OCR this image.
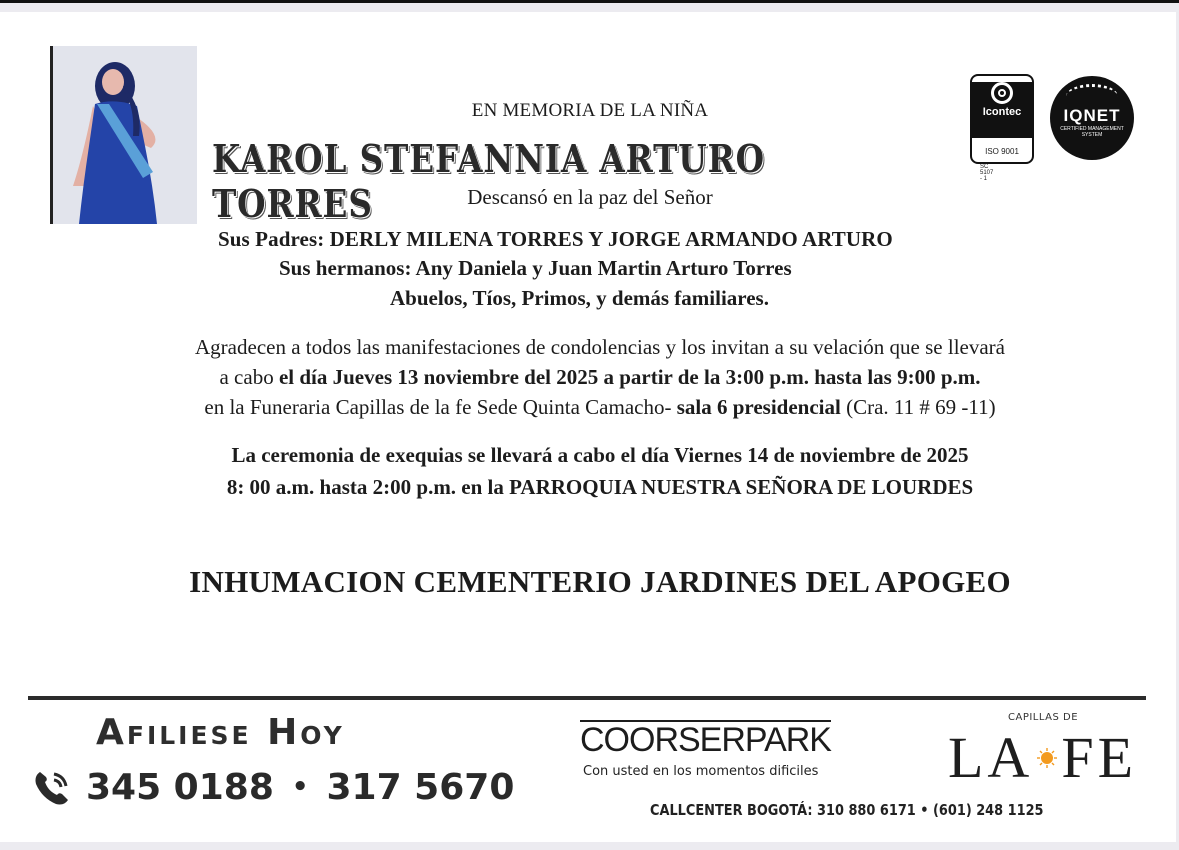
EN MEMORIA DE LA NIÑA
KAROL STEFANNIA ARTURO TORRES	Descansó en la paz del Señor
Sus Padres: DERLY MILENA TORRES Y JORGE ARMANDO ARTURO
Sus hermanos: Any Daniela y Juan Martin Arturo Torres
Abuelos, Tíos, Primos, y demás familiares.
Agradecen a todos las manifestaciones de condolencias y los invitan a su velación que se llevará
a cabo el día Jueves 13 noviembre del 2025 a partir de la 3:00 p.m. hasta las 9:00 p.m.
en la Funeraria Capillas de la fe Sede Quinta Camacho- sala 6 presidencial (Cra. 11 # 69 -11)
La ceremonia de exequias se llevará a cabo el día Viernes 14 de noviembre de 2025
8: 00 a.m. hasta 2:00 p.m. en la PARROQUIA NUESTRA SEÑORA DE LOURDES
INHUMACION CEMENTERIO JARDINES DEL APOGEO
Icontec
ISO 9001
SC 5107 - 1
IQNET
CERTIFIED MANAGEMENT SYSTEM
Afiliese Hoy
345 0188 • 317 5670
COORSERPARK
Con usted en los momentos dificiles
CAPILLAS DE
LA FE
CALLCENTER BOGOTÁ: 310 880 6171 • (601) 248 1125
